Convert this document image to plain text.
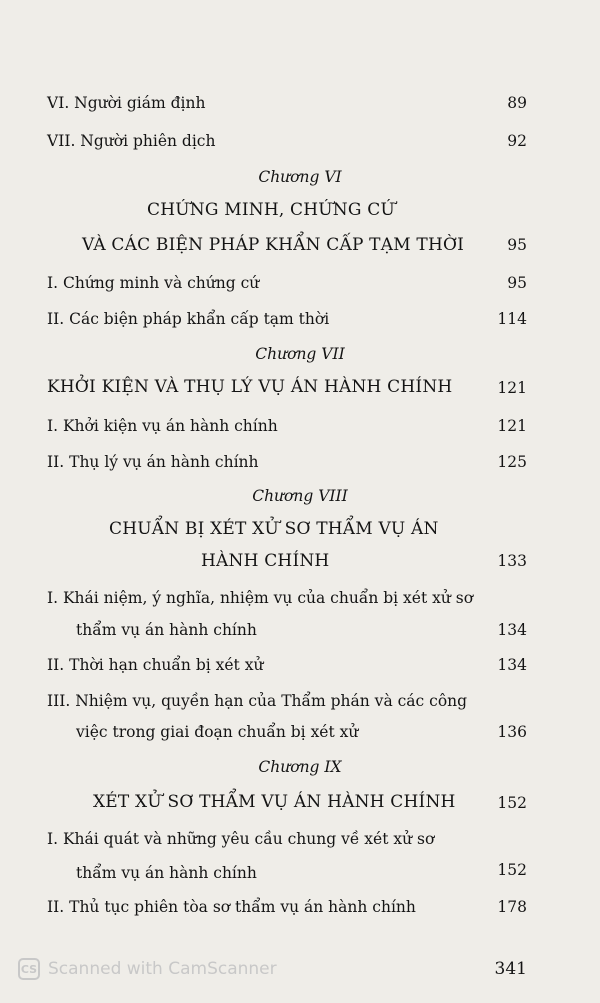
VI. Người giám định	89
VII. Người phiên dịch	92
Chương VI
CHỨNG MINH, CHỨNG CỨ
VÀ CÁC BIỆN PHÁP KHẨN CẤP TẠM THỜI	95
I. Chứng minh và chứng cứ	95
II. Các biện pháp khẩn cấp tạm thời	114
Chương VII
KHỞI KIỆN VÀ THỤ LÝ VỤ ÁN HÀNH CHÍNH	121
I. Khởi kiện vụ án hành chính	121
II. Thụ lý vụ án hành chính	125
Chương VIII
CHUẨN BỊ XÉT XỬ SƠ THẨM VỤ ÁN
HÀNH CHÍNH	133
I. Khái niệm, ý nghĩa, nhiệm vụ của chuẩn bị xét xử sơ
thẩm vụ án hành chính	134
II. Thời hạn chuẩn bị xét xử	134
III. Nhiệm vụ, quyền hạn của Thẩm phán và các công
việc trong giai đoạn chuẩn bị xét xử	136
Chương IX
XÉT XỬ SƠ THẨM VỤ ÁN HÀNH CHÍNH	152
I. Khái quát và những yêu cầu chung về xét xử sơ
thẩm vụ án hành chính	152
II. Thủ tục phiên tòa sơ thẩm vụ án hành chính	178
CS Scanned with CamScanner	341
